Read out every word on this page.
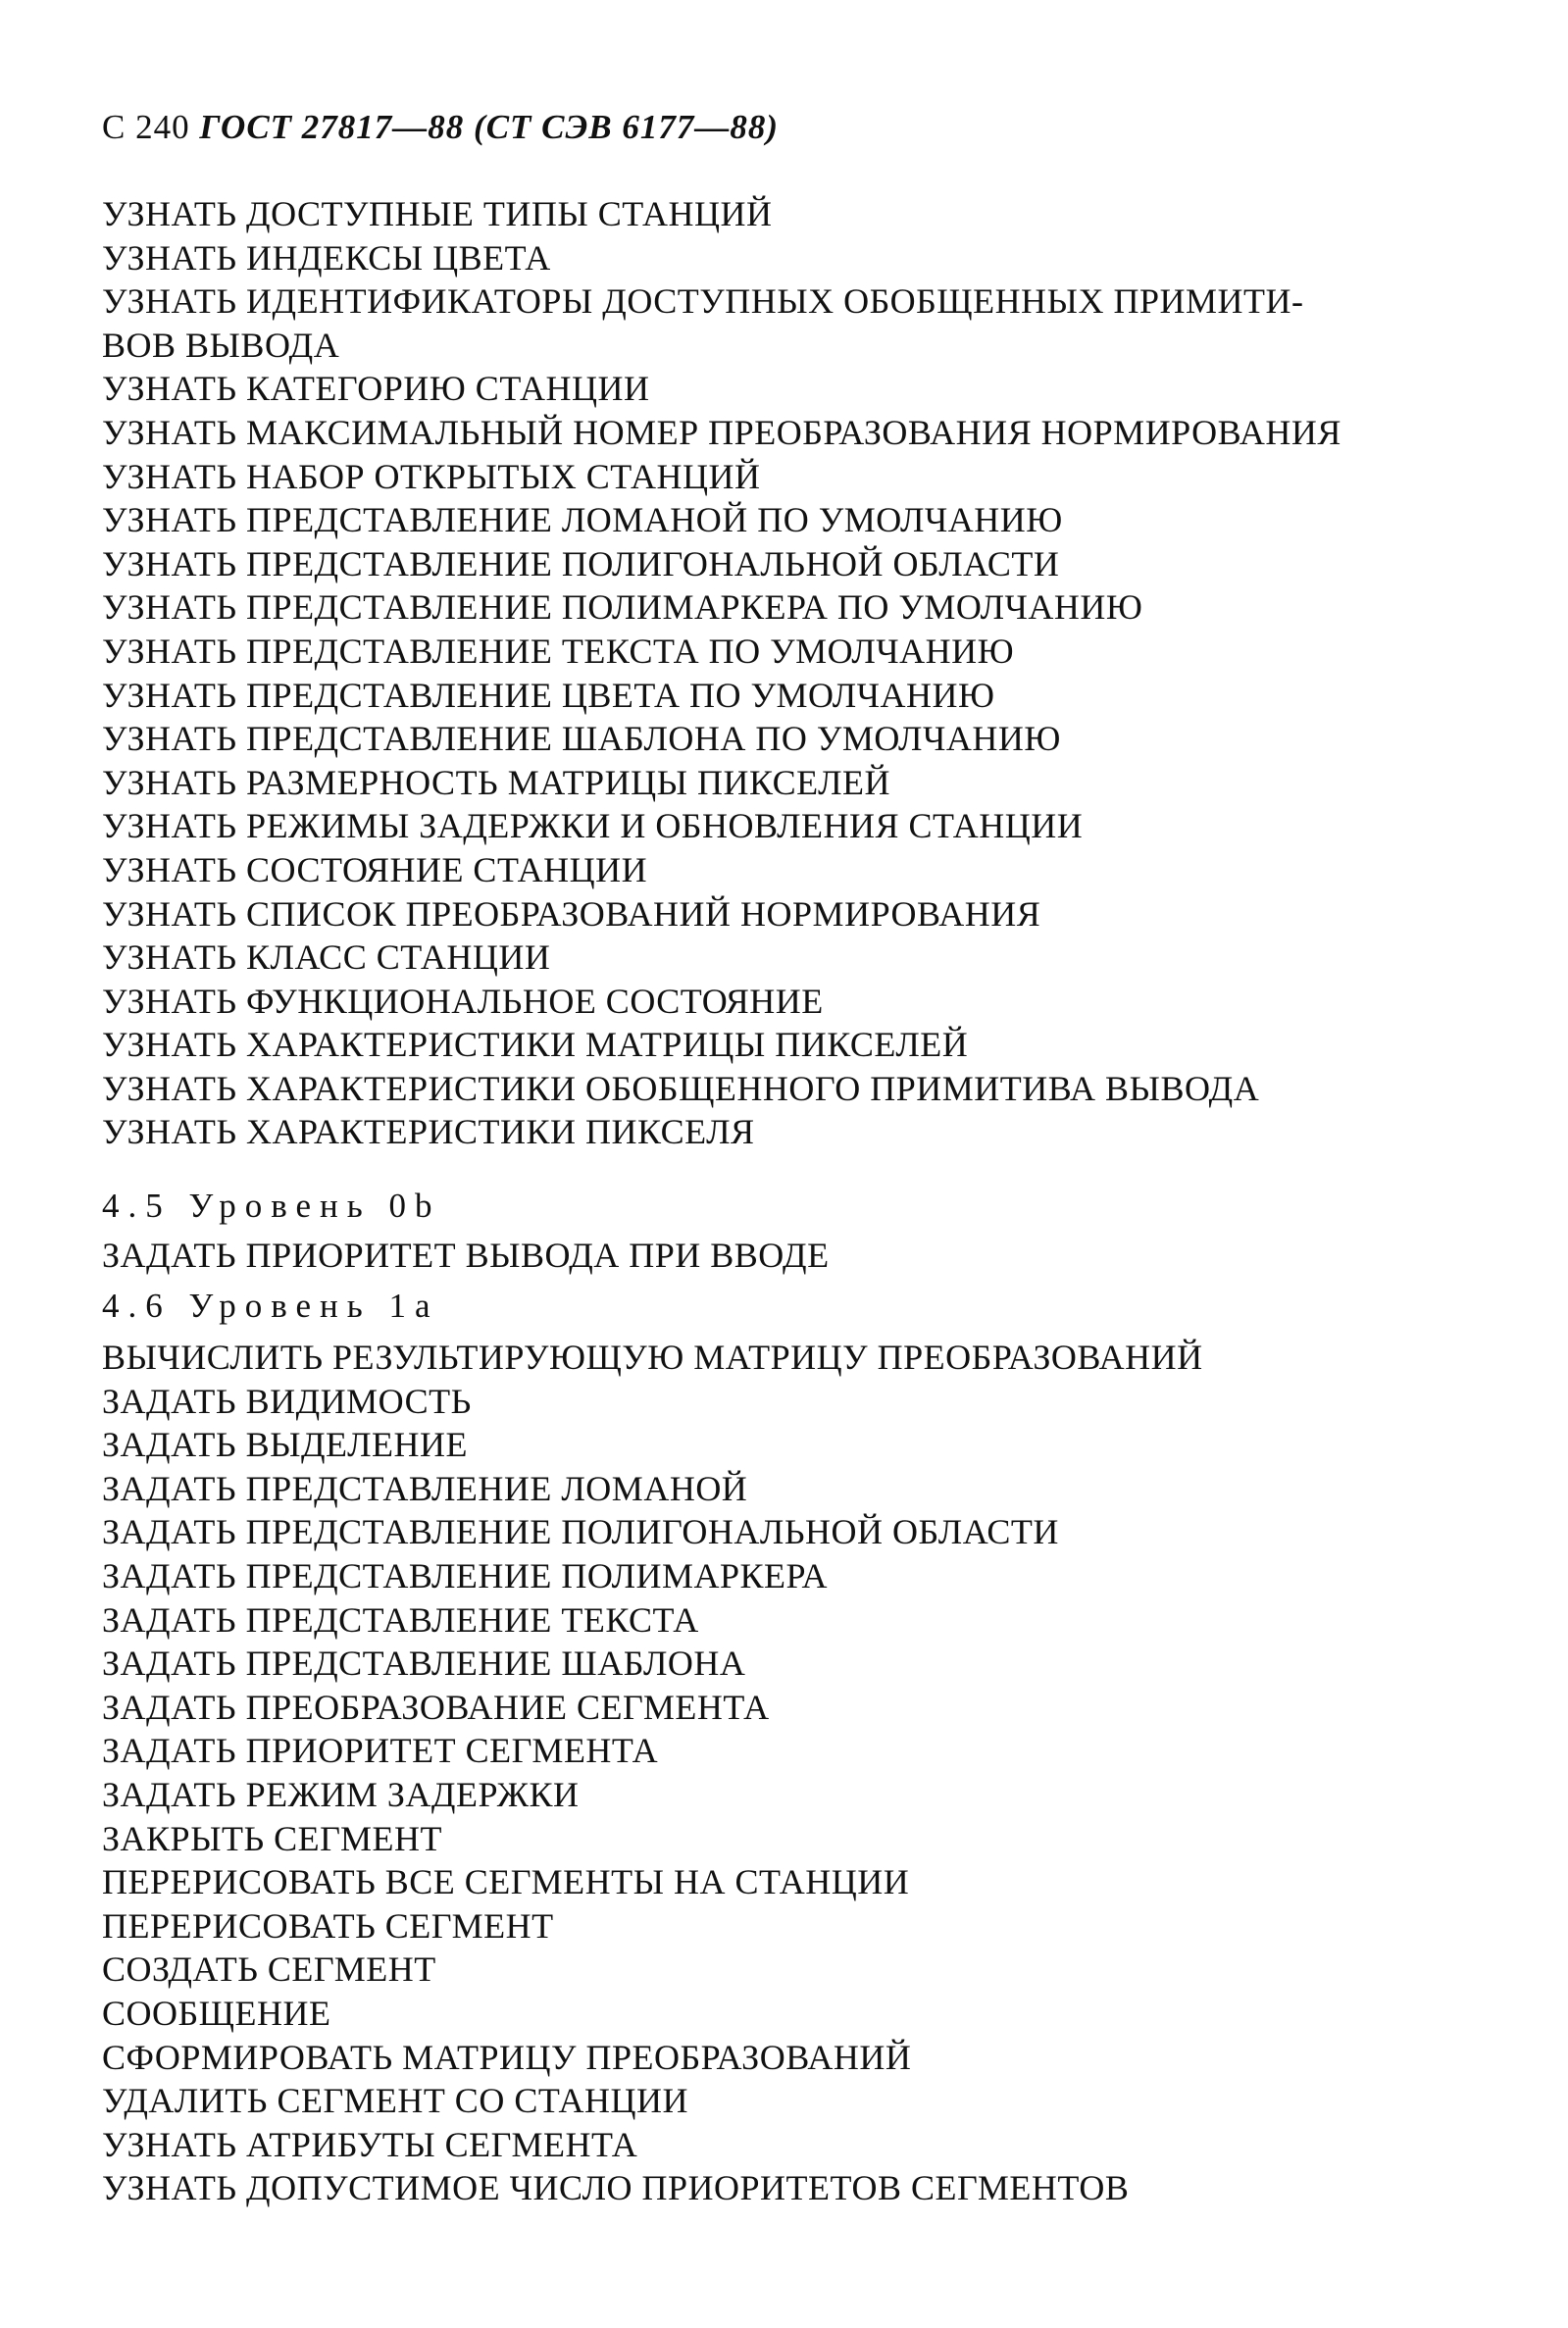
С 240 ГОСТ 27817—88 (СТ СЭВ 6177—88)
УЗНАТЬ ДОСТУПНЫЕ ТИПЫ СТАНЦИЙ
УЗНАТЬ ИНДЕКСЫ ЦВЕТА
УЗНАТЬ ИДЕНТИФИКАТОРЫ ДОСТУПНЫХ ОБОБЩЕННЫХ ПРИМИТИ-
ВОВ ВЫВОДА
УЗНАТЬ КАТЕГОРИЮ СТАНЦИИ
УЗНАТЬ МАКСИМАЛЬНЫЙ НОМЕР ПРЕОБРАЗОВАНИЯ НОРМИРОВАНИЯ
УЗНАТЬ НАБОР ОТКРЫТЫХ СТАНЦИЙ
УЗНАТЬ ПРЕДСТАВЛЕНИЕ ЛОМАНОЙ ПО УМОЛЧАНИЮ
УЗНАТЬ ПРЕДСТАВЛЕНИЕ ПОЛИГОНАЛЬНОЙ ОБЛАСТИ
УЗНАТЬ ПРЕДСТАВЛЕНИЕ ПОЛИМАРКЕРА ПО УМОЛЧАНИЮ
УЗНАТЬ ПРЕДСТАВЛЕНИЕ ТЕКСТА ПО УМОЛЧАНИЮ
УЗНАТЬ ПРЕДСТАВЛЕНИЕ ЦВЕТА ПО УМОЛЧАНИЮ
УЗНАТЬ ПРЕДСТАВЛЕНИЕ ШАБЛОНА ПО УМОЛЧАНИЮ
УЗНАТЬ РАЗМЕРНОСТЬ МАТРИЦЫ ПИКСЕЛЕЙ
УЗНАТЬ РЕЖИМЫ ЗАДЕРЖКИ И ОБНОВЛЕНИЯ СТАНЦИИ
УЗНАТЬ СОСТОЯНИЕ СТАНЦИИ
УЗНАТЬ СПИСОК ПРЕОБРАЗОВАНИЙ НОРМИРОВАНИЯ
УЗНАТЬ КЛАСС СТАНЦИИ
УЗНАТЬ ФУНКЦИОНАЛЬНОЕ СОСТОЯНИЕ
УЗНАТЬ ХАРАКТЕРИСТИКИ МАТРИЦЫ ПИКСЕЛЕЙ
УЗНАТЬ ХАРАКТЕРИСТИКИ ОБОБЩЕННОГО ПРИМИТИВА ВЫВОДА
УЗНАТЬ ХАРАКТЕРИСТИКИ ПИКСЕЛЯ
4.5 Уровень 0b
ЗАДАТЬ ПРИОРИТЕТ ВЫВОДА ПРИ ВВОДЕ
4.6 Уровень 1a
ВЫЧИСЛИТЬ РЕЗУЛЬТИРУЮЩУЮ МАТРИЦУ ПРЕОБРАЗОВАНИЙ
ЗАДАТЬ ВИДИМОСТЬ
ЗАДАТЬ ВЫДЕЛЕНИЕ
ЗАДАТЬ ПРЕДСТАВЛЕНИЕ ЛОМАНОЙ
ЗАДАТЬ ПРЕДСТАВЛЕНИЕ ПОЛИГОНАЛЬНОЙ ОБЛАСТИ
ЗАДАТЬ ПРЕДСТАВЛЕНИЕ ПОЛИМАРКЕРА
ЗАДАТЬ ПРЕДСТАВЛЕНИЕ ТЕКСТА
ЗАДАТЬ ПРЕДСТАВЛЕНИЕ ШАБЛОНА
ЗАДАТЬ ПРЕОБРАЗОВАНИЕ СЕГМЕНТА
ЗАДАТЬ ПРИОРИТЕТ СЕГМЕНТА
ЗАДАТЬ РЕЖИМ ЗАДЕРЖКИ
ЗАКРЫТЬ СЕГМЕНТ
ПЕРЕРИСОВАТЬ ВСЕ СЕГМЕНТЫ НА СТАНЦИИ
ПЕРЕРИСОВАТЬ СЕГМЕНТ
СОЗДАТЬ СЕГМЕНТ
СООБЩЕНИЕ
СФОРМИРОВАТЬ МАТРИЦУ ПРЕОБРАЗОВАНИЙ
УДАЛИТЬ СЕГМЕНТ СО СТАНЦИИ
УЗНАТЬ АТРИБУТЫ СЕГМЕНТА
УЗНАТЬ ДОПУСТИМОЕ ЧИСЛО ПРИОРИТЕТОВ СЕГМЕНТОВ
